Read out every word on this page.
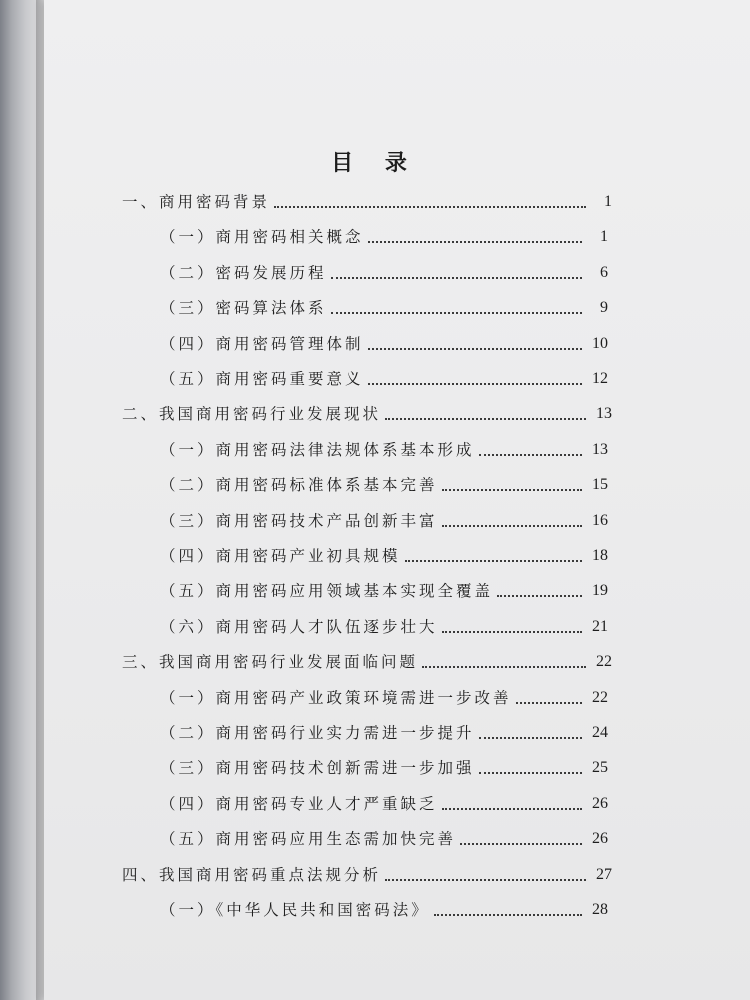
目 录
一、商用密码背景	1
（一）商用密码相关概念	1
（二）密码发展历程	6
（三）密码算法体系	9
（四）商用密码管理体制	10
（五）商用密码重要意义	12
二、我国商用密码行业发展现状	13
（一）商用密码法律法规体系基本形成	13
（二）商用密码标准体系基本完善	15
（三）商用密码技术产品创新丰富	16
（四）商用密码产业初具规模	18
（五）商用密码应用领域基本实现全覆盖	19
（六）商用密码人才队伍逐步壮大	21
三、我国商用密码行业发展面临问题	22
（一）商用密码产业政策环境需进一步改善	22
（二）商用密码行业实力需进一步提升	24
（三）商用密码技术创新需进一步加强	25
（四）商用密码专业人才严重缺乏	26
（五）商用密码应用生态需加快完善	26
四、我国商用密码重点法规分析	27
（一）《中华人民共和国密码法》	28
